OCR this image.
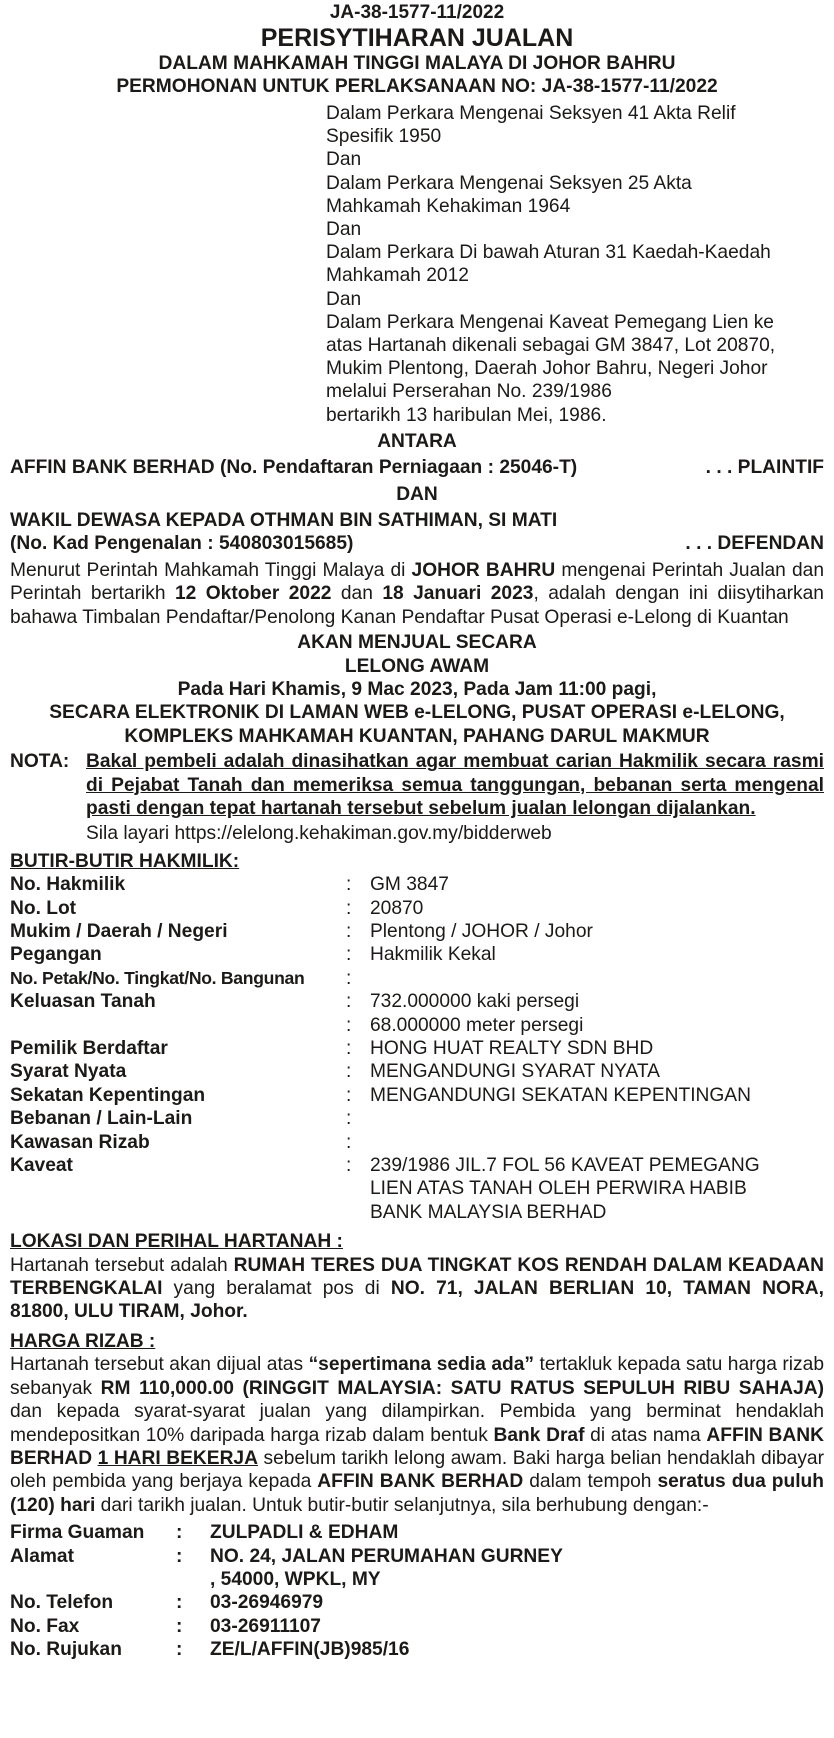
JA-38-1577-11/2022
PERISYTIHARAN JUALAN
DALAM MAHKAMAH TINGGI MALAYA DI JOHOR BAHRU
PERMOHONAN UNTUK PERLAKSANAAN NO: JA-38-1577-11/2022
Dalam Perkara Mengenai Seksyen 41 Akta Relif
Spesifik 1950
Dan
Dalam Perkara Mengenai Seksyen 25 Akta
Mahkamah Kehakiman 1964
Dan
Dalam Perkara Di bawah Aturan 31 Kaedah-Kaedah
Mahkamah 2012
Dan
Dalam Perkara Mengenai Kaveat Pemegang Lien ke
atas Hartanah dikenali sebagai GM 3847, Lot 20870,
Mukim Plentong, Daerah Johor Bahru, Negeri Johor
melalui Perserahan No. 239/1986
bertarikh 13 haribulan Mei, 1986.
ANTARA
AFFIN BANK BERHAD (No. Pendaftaran Perniagaan : 25046-T)	. . . PLAINTIF
DAN
WAKIL DEWASA KEPADA OTHMAN BIN SATHIMAN, SI MATI
(No. Kad Pengenalan : 540803015685)	. . . DEFENDAN

Menurut Perintah Mahkamah Tinggi Malaya di JOHOR BAHRU mengenai Perintah Jualan dan Perintah bertarikh 12 Oktober 2022 dan 18 Januari 2023, adalah dengan ini diisytiharkan bahawa Timbalan Pendaftar/Penolong Kanan Pendaftar Pusat Operasi e-Lelong di Kuantan

AKAN MENJUAL SECARA
LELONG AWAM
Pada Hari Khamis, 9 Mac 2023, Pada Jam 11:00 pagi,
SECARA ELEKTRONIK DI LAMAN WEB e-LELONG, PUSAT OPERASI e-LELONG,
KOMPLEKS MAHKAMAH KUANTAN, PAHANG DARUL MAKMUR
NOTA: Bakal pembeli adalah dinasihatkan agar membuat carian Hakmilik secara rasmi di Pejabat Tanah dan memeriksa semua tanggungan, bebanan serta mengenal pasti dengan tepat hartanah tersebut sebelum jualan lelongan dijalankan.

Sila layari https://elelong.kehakiman.gov.my/bidderweb

BUTIR-BUTIR HAKMILIK:
No. Hakmilik	: GM 3847
No. Lot	: 20870
Mukim / Daerah / Negeri	: Plentong / JOHOR / Johor
Pegangan	: Hakmilik Kekal
No. Petak/No. Tingkat/No. Bangunan	:
Keluasan Tanah	: 732.000000 kaki persegi
: 68.000000 meter persegi
Pemilik Berdaftar	: HONG HUAT REALTY SDN BHD
Syarat Nyata	: MENGANDUNGI SYARAT NYATA
Sekatan Kepentingan	: MENGANDUNGI SEKATAN KEPENTINGAN
Bebanan / Lain-Lain	:
Kawasan Rizab	:
Kaveat	: 239/1986 JIL.7 FOL 56 KAVEAT PEMEGANG
LIEN ATAS TANAH OLEH PERWIRA HABIB
BANK MALAYSIA BERHAD
LOKASI DAN PERIHAL HARTANAH :

Hartanah tersebut adalah RUMAH TERES DUA TINGKAT KOS RENDAH DALAM KEADAAN TERBENGKALAI yang beralamat pos di NO. 71, JALAN BERLIAN 10, TAMAN NORA, 81800, ULU TIRAM, Johor.

HARGA RIZAB :

Hartanah tersebut akan dijual atas “sepertimana sedia ada” tertakluk kepada satu harga rizab sebanyak RM 110,000.00 (RINGGIT MALAYSIA: SATU RATUS SEPULUH RIBU SAHAJA) dan kepada syarat-syarat jualan yang dilampirkan. Pembida yang berminat hendaklah mendepositkan 10% daripada harga rizab dalam bentuk Bank Draf di atas nama AFFIN BANK BERHAD 1 HARI BEKERJA sebelum tarikh lelong awam. Baki harga belian hendaklah dibayar oleh pembida yang berjaya kepada AFFIN BANK BERHAD dalam tempoh seratus dua puluh (120) hari dari tarikh jualan. Untuk butir-butir selanjutnya, sila berhubung dengan:-

Firma Guaman	:	ZULPADLI & EDHAM
Alamat	:	NO. 24, JALAN PERUMAHAN GURNEY
, 54000, WPKL, MY
No. Telefon	:	03-26946979
No. Fax	:	03-26911107
No. Rujukan	:	ZE/L/AFFIN(JB)985/16
